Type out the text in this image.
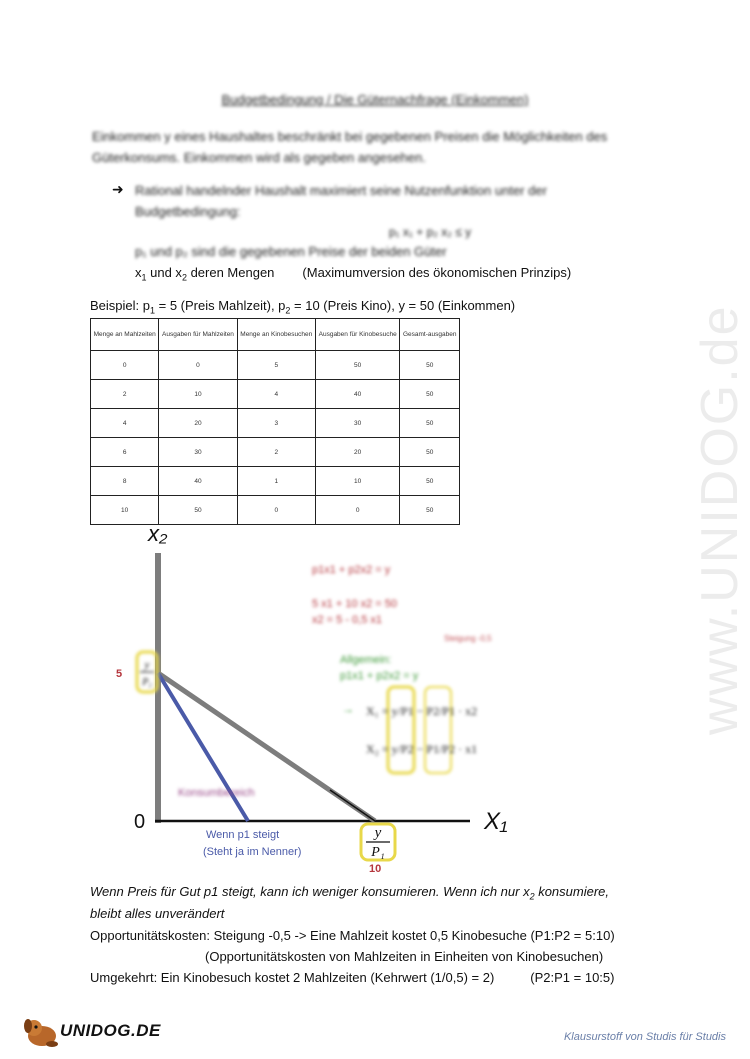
Budgetbedingung / Die Güternachfrage (Einkommen)
Einkommen y eines Haushaltes beschränkt bei gegebenen Preisen die Möglichkeiten des Güterkonsums. Einkommen wird als gegeben angesehen.
➜ Rational handelnder Haushalt maximiert seine Nutzenfunktion unter der Budgetbedingung:
p₁ x₁ + p₂ x₂ ≤ y
p₁ und p₂ sind die gegebenen Preise der beiden Güter
$x_1$ und $x_2$ deren Mengen (Maximumversion des ökonomischen Prinzips)
Beispiel: $p_1 = 5$ (Preis Mahlzeit), $p_2 = 10$ (Preis Kino), y = 50 (Einkommen)
Menge an Mahlzeiten	Ausgaben für Mahlzeiten	Menge an Kinobesuchen	Ausgaben für Kinobesuche	Gesamt-ausgaben
0	0	5	50	50
2	10	4	40	50
4	20	3	30	50
6	30	2	20	50
8	40	1	10	50
10	50	0	0	50	www.UNIDOG.de
x₂
0	X₁
5
y
P₂
y
P₁
10
p1x1 + p2x2 = y
5 x1 + 10 x2 = 50
x2 = 5 - 0,5 x1
Steigung -0,5
Allgemein:
p1x1 + p2x2 = y
→ X₁ = y/P1 − P2/P1 · x2
X₂ = y/P2 − P1/P2 · x1
Konsumbereich
Wenn p1 steigt
(Steht ja im Nenner)
Wenn Preis für Gut p1 steigt, kann ich weniger konsumieren. Wenn ich nur $x_2$ konsumiere,
bleibt alles unverändert
Opportunitätskosten: Steigung -0,5 -> Eine Mahlzeit kostet 0,5 Kinobesuche (P1:P2 = 5:10)
(Opportunitätskosten von Mahlzeiten in Einheiten von Kinobesuchen)
Umgekehrt: Ein Kinobesuch kostet 2 Mahlzeiten (Kehrwert (1/0,5) = 2)	(P2:P1 = 10:5)
UNIDOG.DE	Klausurstoff von Studis für Studis
